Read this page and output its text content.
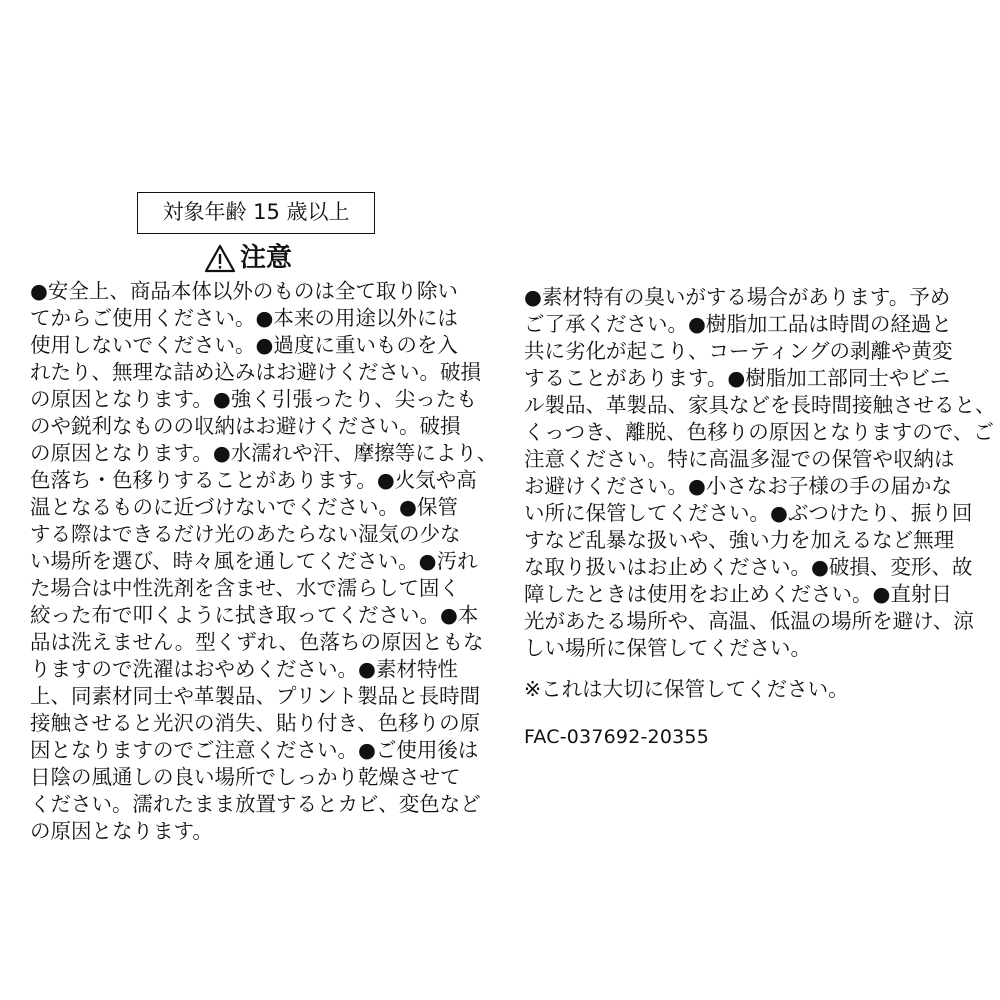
対象年齢 15 歳以上
注意
●安全上、商品本体以外のものは全て取り除い
てからご使用ください。●本来の用途以外には
使用しないでください。●過度に重いものを入
れたり、無理な詰め込みはお避けください。破損
の原因となります。●強く引張ったり、尖ったも
のや鋭利なものの収納はお避けください。破損
の原因となります。●水濡れや汗、摩擦等により、
色落ち・色移りすることがあります。●火気や高
温となるものに近づけないでください。●保管
する際はできるだけ光のあたらない湿気の少な
い場所を選び、時々風を通してください。●汚れ
た場合は中性洗剤を含ませ、水で濡らして固く
絞った布で叩くように拭き取ってください。●本
品は洗えません。型くずれ、色落ちの原因ともな
りますので洗濯はおやめください。●素材特性
上、同素材同士や革製品、プリント製品と長時間
接触させると光沢の消失、貼り付き、色移りの原
因となりますのでご注意ください。●ご使用後は
日陰の風通しの良い場所でしっかり乾燥させて
ください。濡れたまま放置するとカビ、変色など
の原因となります。
●素材特有の臭いがする場合があります。予め
ご了承ください。●樹脂加工品は時間の経過と
共に劣化が起こり、コーティングの剥離や黄変
することがあります。●樹脂加工部同士やビニ
ル製品、革製品、家具などを長時間接触させると、
くっつき、離脱、色移りの原因となりますので、ご
注意ください。特に高温多湿での保管や収納は
お避けください。●小さなお子様の手の届かな
い所に保管してください。●ぶつけたり、振り回
すなど乱暴な扱いや、強い力を加えるなど無理
な取り扱いはお止めください。●破損、変形、故
障したときは使用をお止めください。●直射日
光があたる場所や、高温、低温の場所を避け、涼
しい場所に保管してください。
※これは大切に保管してください。
FAC-037692-20355
